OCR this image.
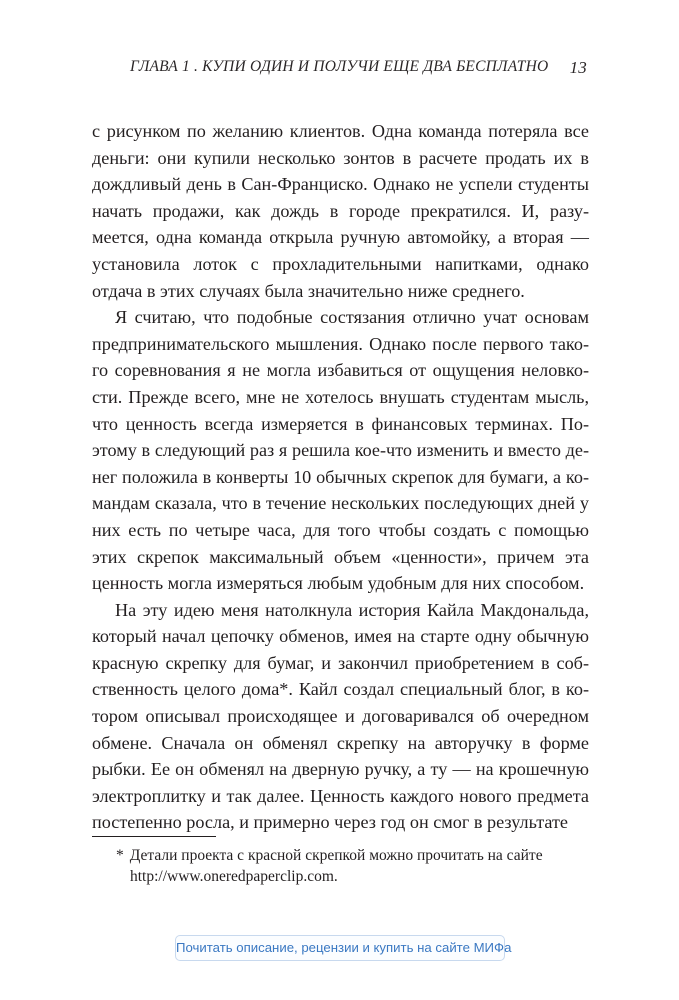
ГЛАВА 1 . КУПИ ОДИН И ПОЛУЧИ ЕЩЕ ДВА БЕСПЛАТНО 13

с рисунком по желанию клиентов. Одна команда потеряла все деньги: они купили несколько зонтов в расчете продать их в дождливый день в Сан-Франциско. Однако не успели студенты начать продажи, как дождь в городе прекратился. И, разумеется, одна команда открыла ручную автомойку, а вторая — установила лоток с прохладительными напитками, однако отдача в этих случаях была значительно ниже среднего.

Я считаю, что подобные состязания отлично учат основам предпринимательского мышления. Однако после первого такого соревнования я не могла избавиться от ощущения неловкости. Прежде всего, мне не хотелось внушать студентам мысль, что ценность всегда измеряется в финансовых терминах. Поэтому в следующий раз я решила кое-что изменить и вместо денег положила в конверты 10 обычных скрепок для бумаги, а командам сказала, что в течение нескольких последующих дней у них есть по четыре часа, для того чтобы создать с помощью этих скрепок максимальный объем «ценности», причем эта ценность могла измеряться любым удобным для них способом.

На эту идею меня натолкнула история Кайла Макдональда, который начал цепочку обменов, имея на старте одну обычную красную скрепку для бумаг, и закончил приобретением в собственность целого дома*. Кайл создал специальный блог, в котором описывал происходящее и договаривался об очередном обмене. Сначала он обменял скрепку на авторучку в форме рыбки. Ее он обменял на дверную ручку, а ту — на крошечную электроплитку и так далее. Ценность каждого нового предмета постепенно росла, и примерно через год он смог в результате

* Детали проекта с красной скрепкой можно прочитать на сайте
http://www.oneredpaperclip.com.
Почитать описание, рецензии и купить на сайте МИФа
